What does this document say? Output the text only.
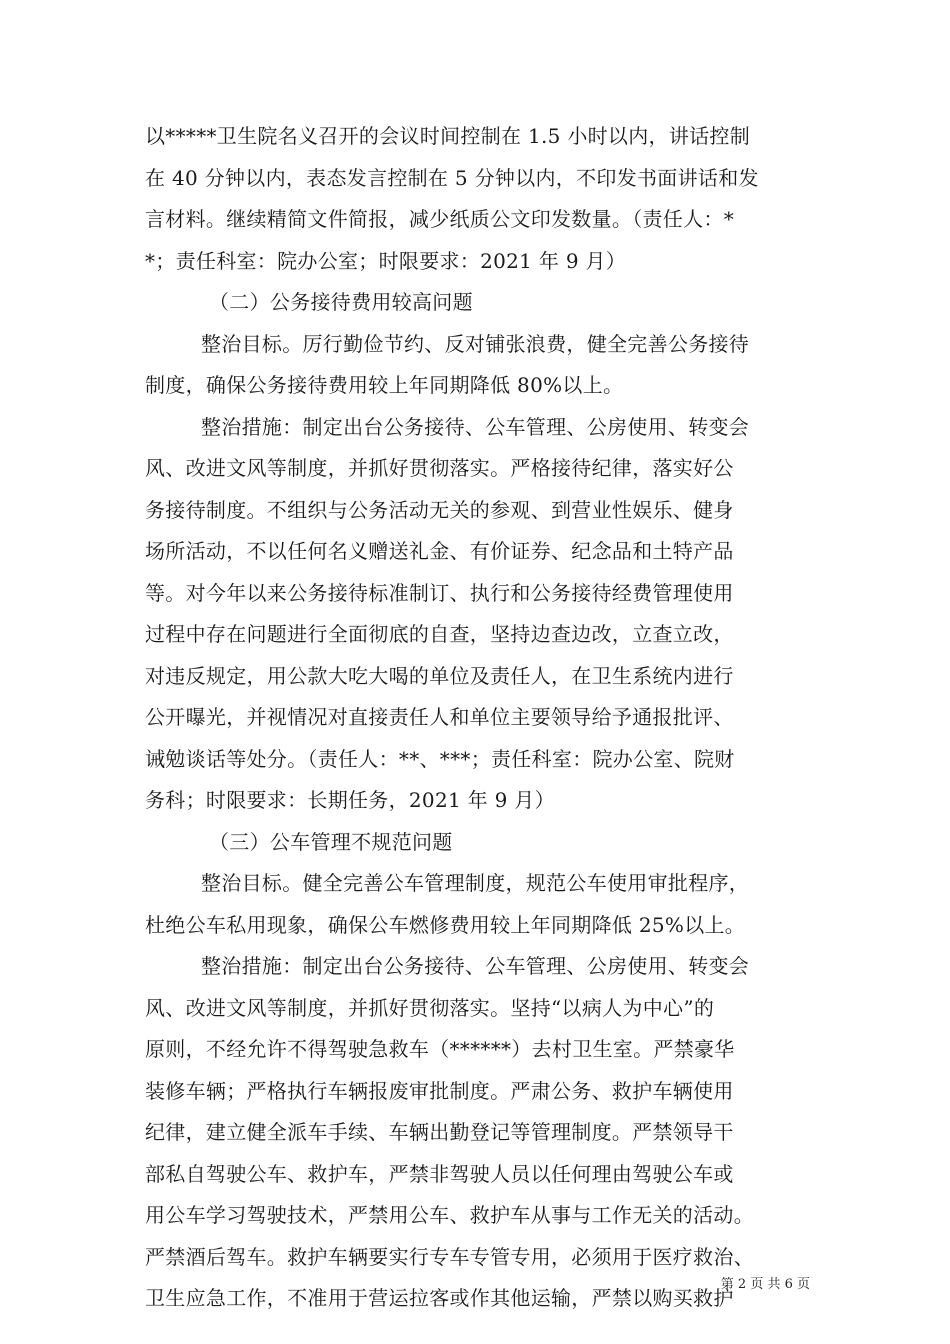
以*****卫生院名义召开的会议时间控制在 1.5 小时以内，讲话控制
在 40 分钟以内，表态发言控制在 5 分钟以内，不印发书面讲话和发
言材料。继续精简文件简报，减少纸质公文印发数量。（责任人：*
*；责任科室：院办公室；时限要求：2021 年 9 月）
（二）公务接待费用较高问题
整治目标。厉行勤俭节约、反对铺张浪费，健全完善公务接待
制度，确保公务接待费用较上年同期降低 80%以上。
整治措施：制定出台公务接待、公车管理、公房使用、转变会
风、改进文风等制度，并抓好贯彻落实。严格接待纪律，落实好公
务接待制度。不组织与公务活动无关的参观、到营业性娱乐、健身
场所活动，不以任何名义赠送礼金、有价证券、纪念品和土特产品
等。对今年以来公务接待标准制订、执行和公务接待经费管理使用
过程中存在问题进行全面彻底的自查，坚持边查边改，立查立改，
对违反规定，用公款大吃大喝的单位及责任人，在卫生系统内进行
公开曝光，并视情况对直接责任人和单位主要领导给予通报批评、
诫勉谈话等处分。（责任人：**、***；责任科室：院办公室、院财
务科；时限要求：长期任务，2021 年 9 月）
（三）公车管理不规范问题
整治目标。健全完善公车管理制度，规范公车使用审批程序，
杜绝公车私用现象，确保公车燃修费用较上年同期降低 25%以上。
整治措施：制定出台公务接待、公车管理、公房使用、转变会
风、改进文风等制度，并抓好贯彻落实。坚持“以病人为中心”的
原则，不经允许不得驾驶急救车（******）去村卫生室。严禁豪华
装修车辆；严格执行车辆报废审批制度。严肃公务、救护车辆使用
纪律，建立健全派车手续、车辆出勤登记等管理制度。严禁领导干
部私自驾驶公车、救护车，严禁非驾驶人员以任何理由驾驶公车或
用公车学习驾驶技术，严禁用公车、救护车从事与工作无关的活动。
严禁酒后驾车。救护车辆要实行专车专管专用，必须用于医疗救治、
卫生应急工作，不准用于营运拉客或作其他运输，严禁以购买救护
第 2 页 共 6 页
